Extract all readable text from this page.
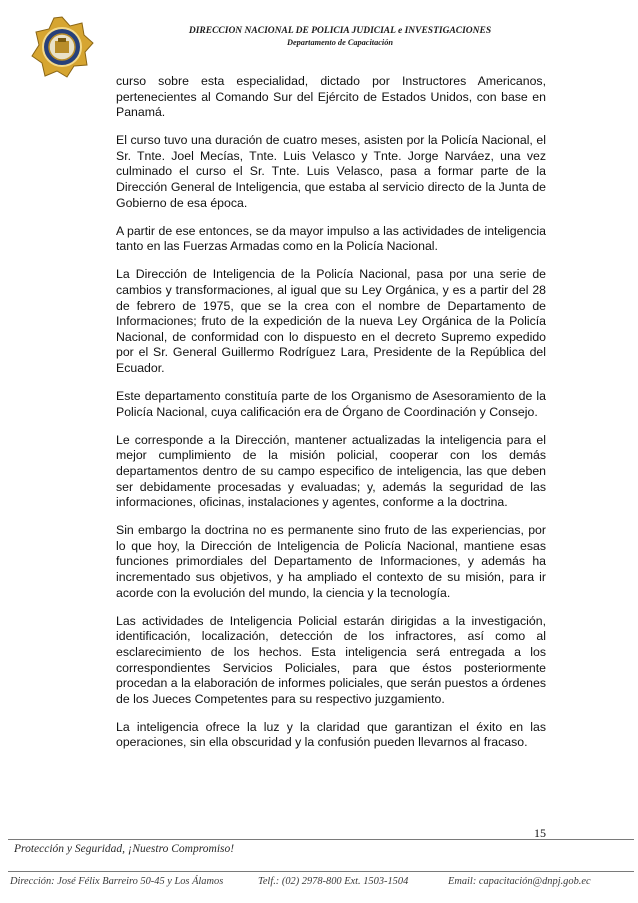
DIRECCION NACIONAL DE POLICIA JUDICIAL e INVESTIGACIONES
Departamento de Capacitación

curso sobre esta especialidad, dictado por Instructores Americanos, pertenecientes al Comando Sur del Ejército de Estados Unidos, con base en Panamá.

El curso tuvo una duración de cuatro meses, asisten por la Policía Nacional, el Sr. Tnte. Joel Mecías, Tnte. Luis Velasco y Tnte. Jorge Narváez, una vez culminado el curso el Sr. Tnte. Luis Velasco, pasa a formar parte de la Dirección General de Inteligencia, que estaba al servicio directo de la Junta de Gobierno de esa época.

A partir de ese entonces, se da mayor impulso a las actividades de inteligencia tanto en las Fuerzas Armadas como en la Policía Nacional.

La Dirección de Inteligencia de la Policía Nacional, pasa por una serie de cambios y transformaciones, al igual que su Ley Orgánica, y es a partir del 28 de febrero de 1975, que se la crea con el nombre de Departamento de Informaciones; fruto de la expedición de la nueva Ley Orgánica de la Policía Nacional, de conformidad con lo dispuesto en el decreto Supremo expedido por el Sr. General Guillermo Rodríguez Lara, Presidente de la República del Ecuador.

Este departamento constituía parte de los Organismo de Asesoramiento de la Policía Nacional, cuya calificación era de Órgano de Coordinación y Consejo.

Le corresponde a la Dirección, mantener actualizadas la inteligencia para el mejor cumplimiento de la misión policial, cooperar con los demás departamentos dentro de su campo especifico de inteligencia, las que deben ser debidamente procesadas y evaluadas; y, además la seguridad de las informaciones, oficinas, instalaciones y agentes, conforme a la doctrina.

Sin embargo la doctrina no es permanente sino fruto de las experiencias, por lo que hoy, la Dirección de Inteligencia de Policía Nacional, mantiene esas funciones primordiales del Departamento de Informaciones, y además ha incrementado sus objetivos, y ha ampliado el contexto de su misión, para ir acorde con la evolución del mundo, la ciencia y la tecnología.

Las actividades de Inteligencia Policial estarán dirigidas a la investigación, identificación, localización, detección de los infractores, así como al esclarecimiento de los hechos. Esta inteligencia será entregada a los correspondientes Servicios Policiales, para que éstos posteriormente procedan a la elaboración de informes policiales, que serán puestos a órdenes de los Jueces Competentes para su respectivo juzgamiento.

La inteligencia ofrece la luz y la claridad que garantizan el éxito en las operaciones, sin ella obscuridad y la confusión pueden llevarnos al fracaso.

15
Protección y Seguridad, ¡Nuestro Compromiso!
Dirección: José Félix Barreiro 50-45 y Los Álamos	Telf.: (02) 2978-800 Ext. 1503-1504	Email: capacitación@dnpj.gob.ec
